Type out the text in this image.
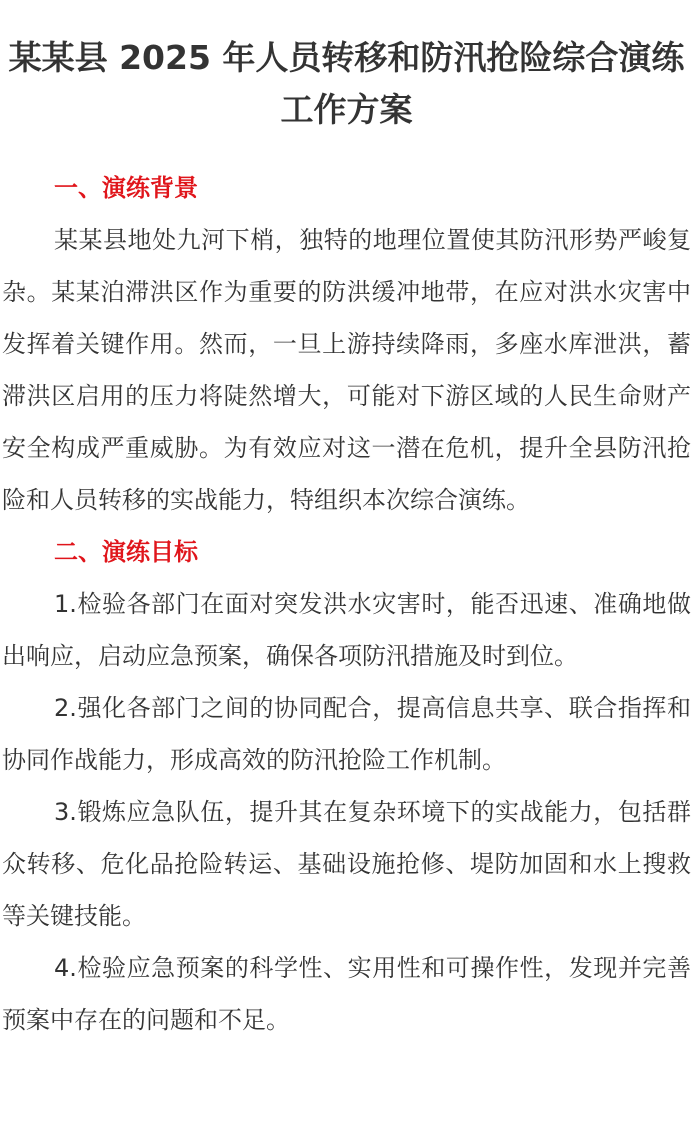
某某县 2025 年人员转移和防汛抢险综合演练工作方案
一、演练背景

某某县地处九河下梢，独特的地理位置使其防汛形势严峻复杂。某某泊滞洪区作为重要的防洪缓冲地带，在应对洪水灾害中发挥着关键作用。然而，一旦上游持续降雨，多座水库泄洪，蓄滞洪区启用的压力将陡然增大，可能对下游区域的人民生命财产安全构成严重威胁。为有效应对这一潜在危机，提升全县防汛抢险和人员转移的实战能力，特组织本次综合演练。

二、演练目标

1.检验各部门在面对突发洪水灾害时，能否迅速、准确地做出响应，启动应急预案，确保各项防汛措施及时到位。

2.强化各部门之间的协同配合，提高信息共享、联合指挥和协同作战能力，形成高效的防汛抢险工作机制。

3.锻炼应急队伍，提升其在复杂环境下的实战能力，包括群众转移、危化品抢险转运、基础设施抢修、堤防加固和水上搜救等关键技能。

4.检验应急预案的科学性、实用性和可操作性，发现并完善预案中存在的问题和不足。
